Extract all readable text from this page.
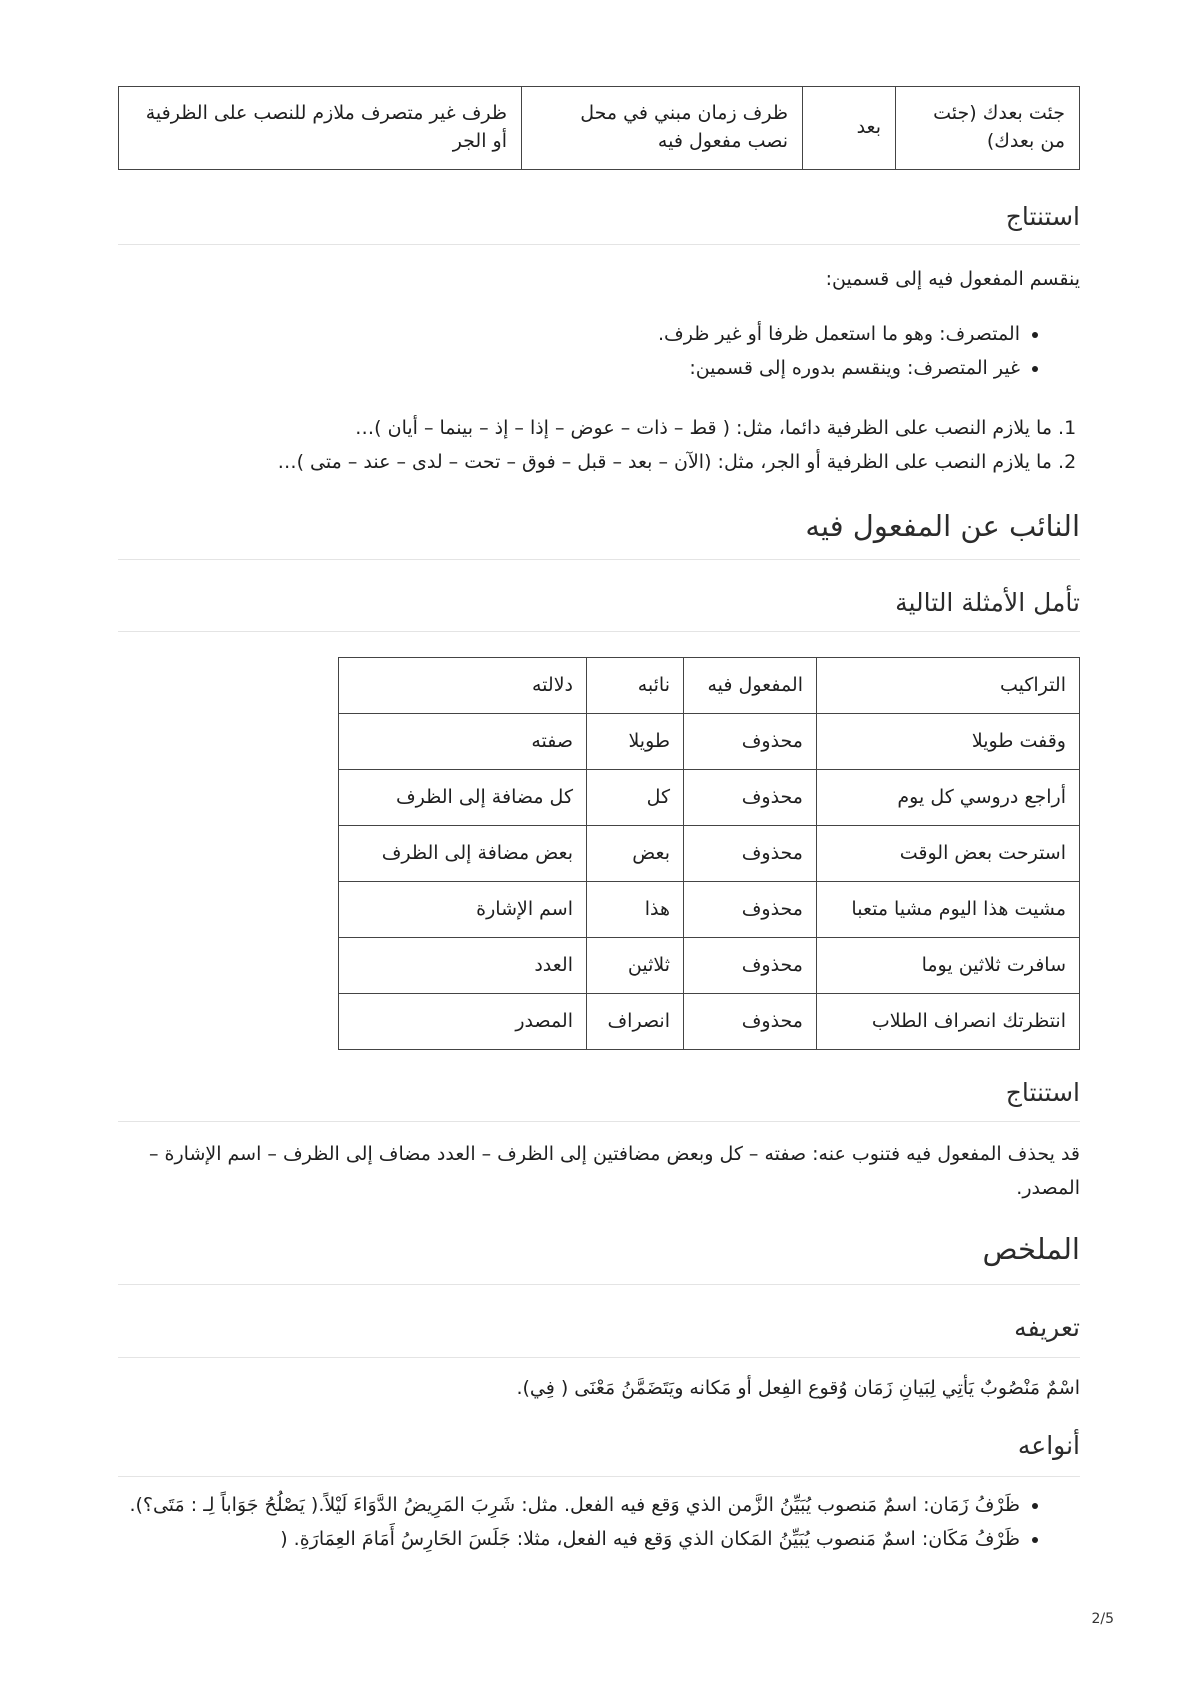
جئت بعدك (جئت من بعدك)	بعد	ظرف زمان مبني في محل نصب مفعول فيه	ظرف غير متصرف ملازم للنصب على الظرفية أو الجر
استنتاج

ينقسم المفعول فيه إلى قسمين:

• المتصرف: وهو ما استعمل ظرفا أو غير ظرف.
• غير المتصرف: وينقسم بدوره إلى قسمين:
1. ما يلازم النصب على الظرفية دائما، مثل: ( قط – ذات – عوض – إذا – إذ – بينما – أيان )…
2. ما يلازم النصب على الظرفية أو الجر، مثل: (الآن – بعد – قبل – فوق – تحت – لدى – عند – متى )…
النائب عن المفعول فيه
تأمل الأمثلة التالية
التراكيب	المفعول فيه	نائبه	دلالته
وقفت طويلا	محذوف	طويلا	صفته
أراجع دروسي كل يوم	محذوف	كل	كل مضافة إلى الظرف
استرحت بعض الوقت	محذوف	بعض	بعض مضافة إلى الظرف
مشيت هذا اليوم مشيا متعبا	محذوف	هذا	اسم الإشارة
سافرت ثلاثين يوما	محذوف	ثلاثين	العدد
انتظرتك انصراف الطلاب	محذوف	انصراف	المصدر
استنتاج

قد يحذف المفعول فيه فتنوب عنه: صفته – كل وبعض مضافتين إلى الظرف – العدد مضاف إلى الظرف – اسم الإشارة – المصدر.

الملخص
تعريفه

اسْمٌ مَنْصُوبٌ يَأتِي لِبَيانِ زَمَان وُقوع الفِعل أو مَكانه ويَتَضَمَّنُ مَعْنَى ( فِي).

أنواعه
• ظَرْفُ زَمَان: اسمٌ مَنصوب يُبَيِّنُ الزَّمن الذي وَقع فيه الفعل. مثل: شَرِبَ المَرِيضُ الدَّوَاءَ لَيْلاً.( يَصْلُحُ جَوَاباً لِـ : مَتَى؟).
• ظَرْفُ مَكَان: اسمٌ مَنصوب يُبَيِّنُ المَكان الذي وَقع فيه الفعل، مثلا: جَلَسَ الحَارِسُ أَمَامَ العِمَارَةِ. (
2/5
